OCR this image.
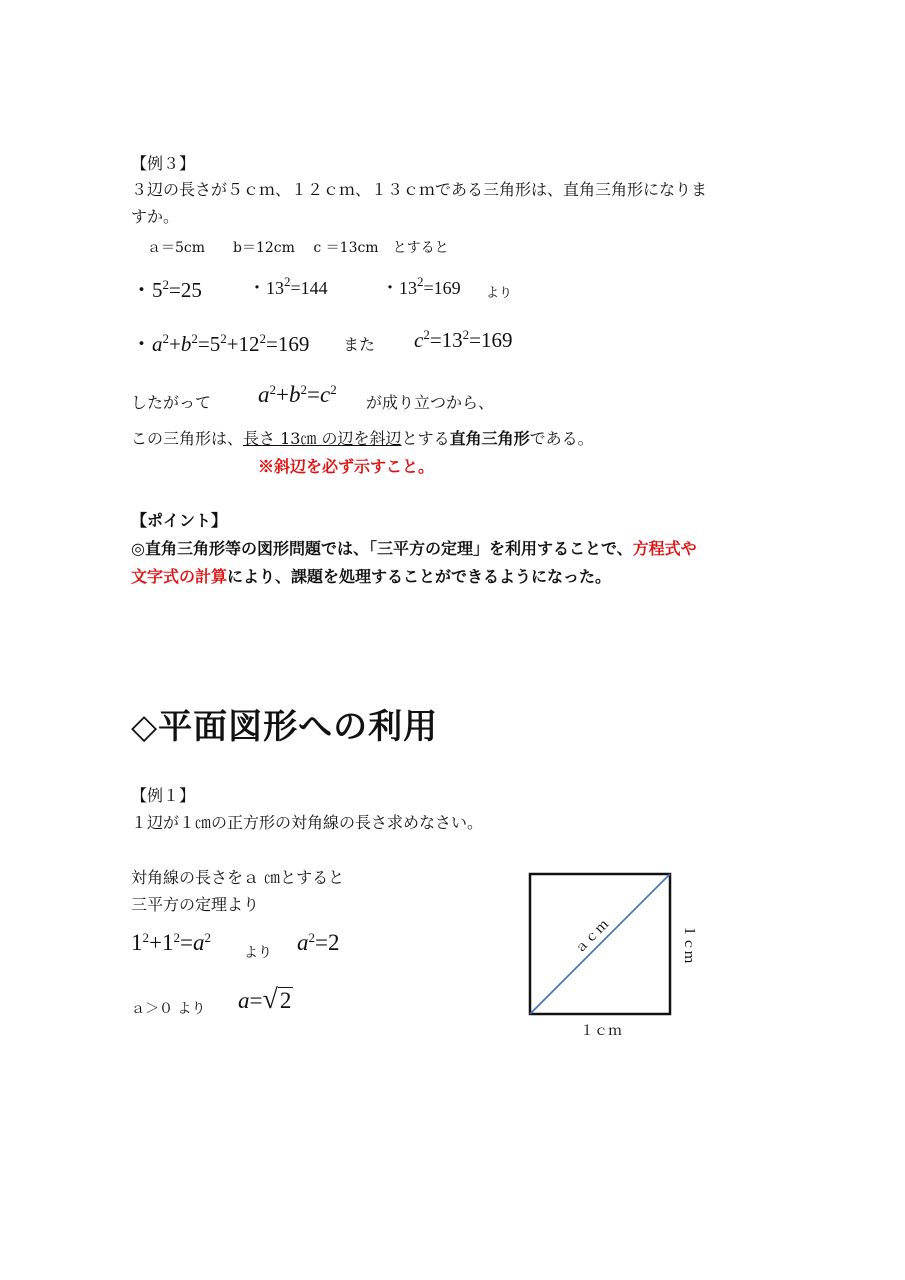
【例３】
３辺の長さが５ｃｍ、１２ｃｍ、１３ｃｍである三角形は、直角三角形になりま
すか。
ａ＝5cm　　b＝12cm　 c ＝13cm　とすると
・$5^2=25$	・$13^2=144$	・$13^2=169$ より
・$a^2+b^2=5^2+12^2=169$ また $c^2=13^2=169$
したがって $a^2+b^2=c^2$
が成り立つから、
この三角形は、長さ 13㎝ の辺を斜辺とする直角三角形である。
※斜辺を必ず示すこと。
【ポイント】
◎直角三角形等の図形問題では、「三平方の定理」を利用することで、方程式や
文字式の計算により、課題を処理することができるようになった。
◇平面図形への利用
【例１】
１辺が１㎝の正方形の対角線の長さ求めなさい。
対角線の長さをａ ㎝とすると
三平方の定理より
$1^2+1^2=a^2$
より $a^2=2$
ａ＞０ より a=√2
ａｃｍ	１ｃｍ
１ｃｍ
